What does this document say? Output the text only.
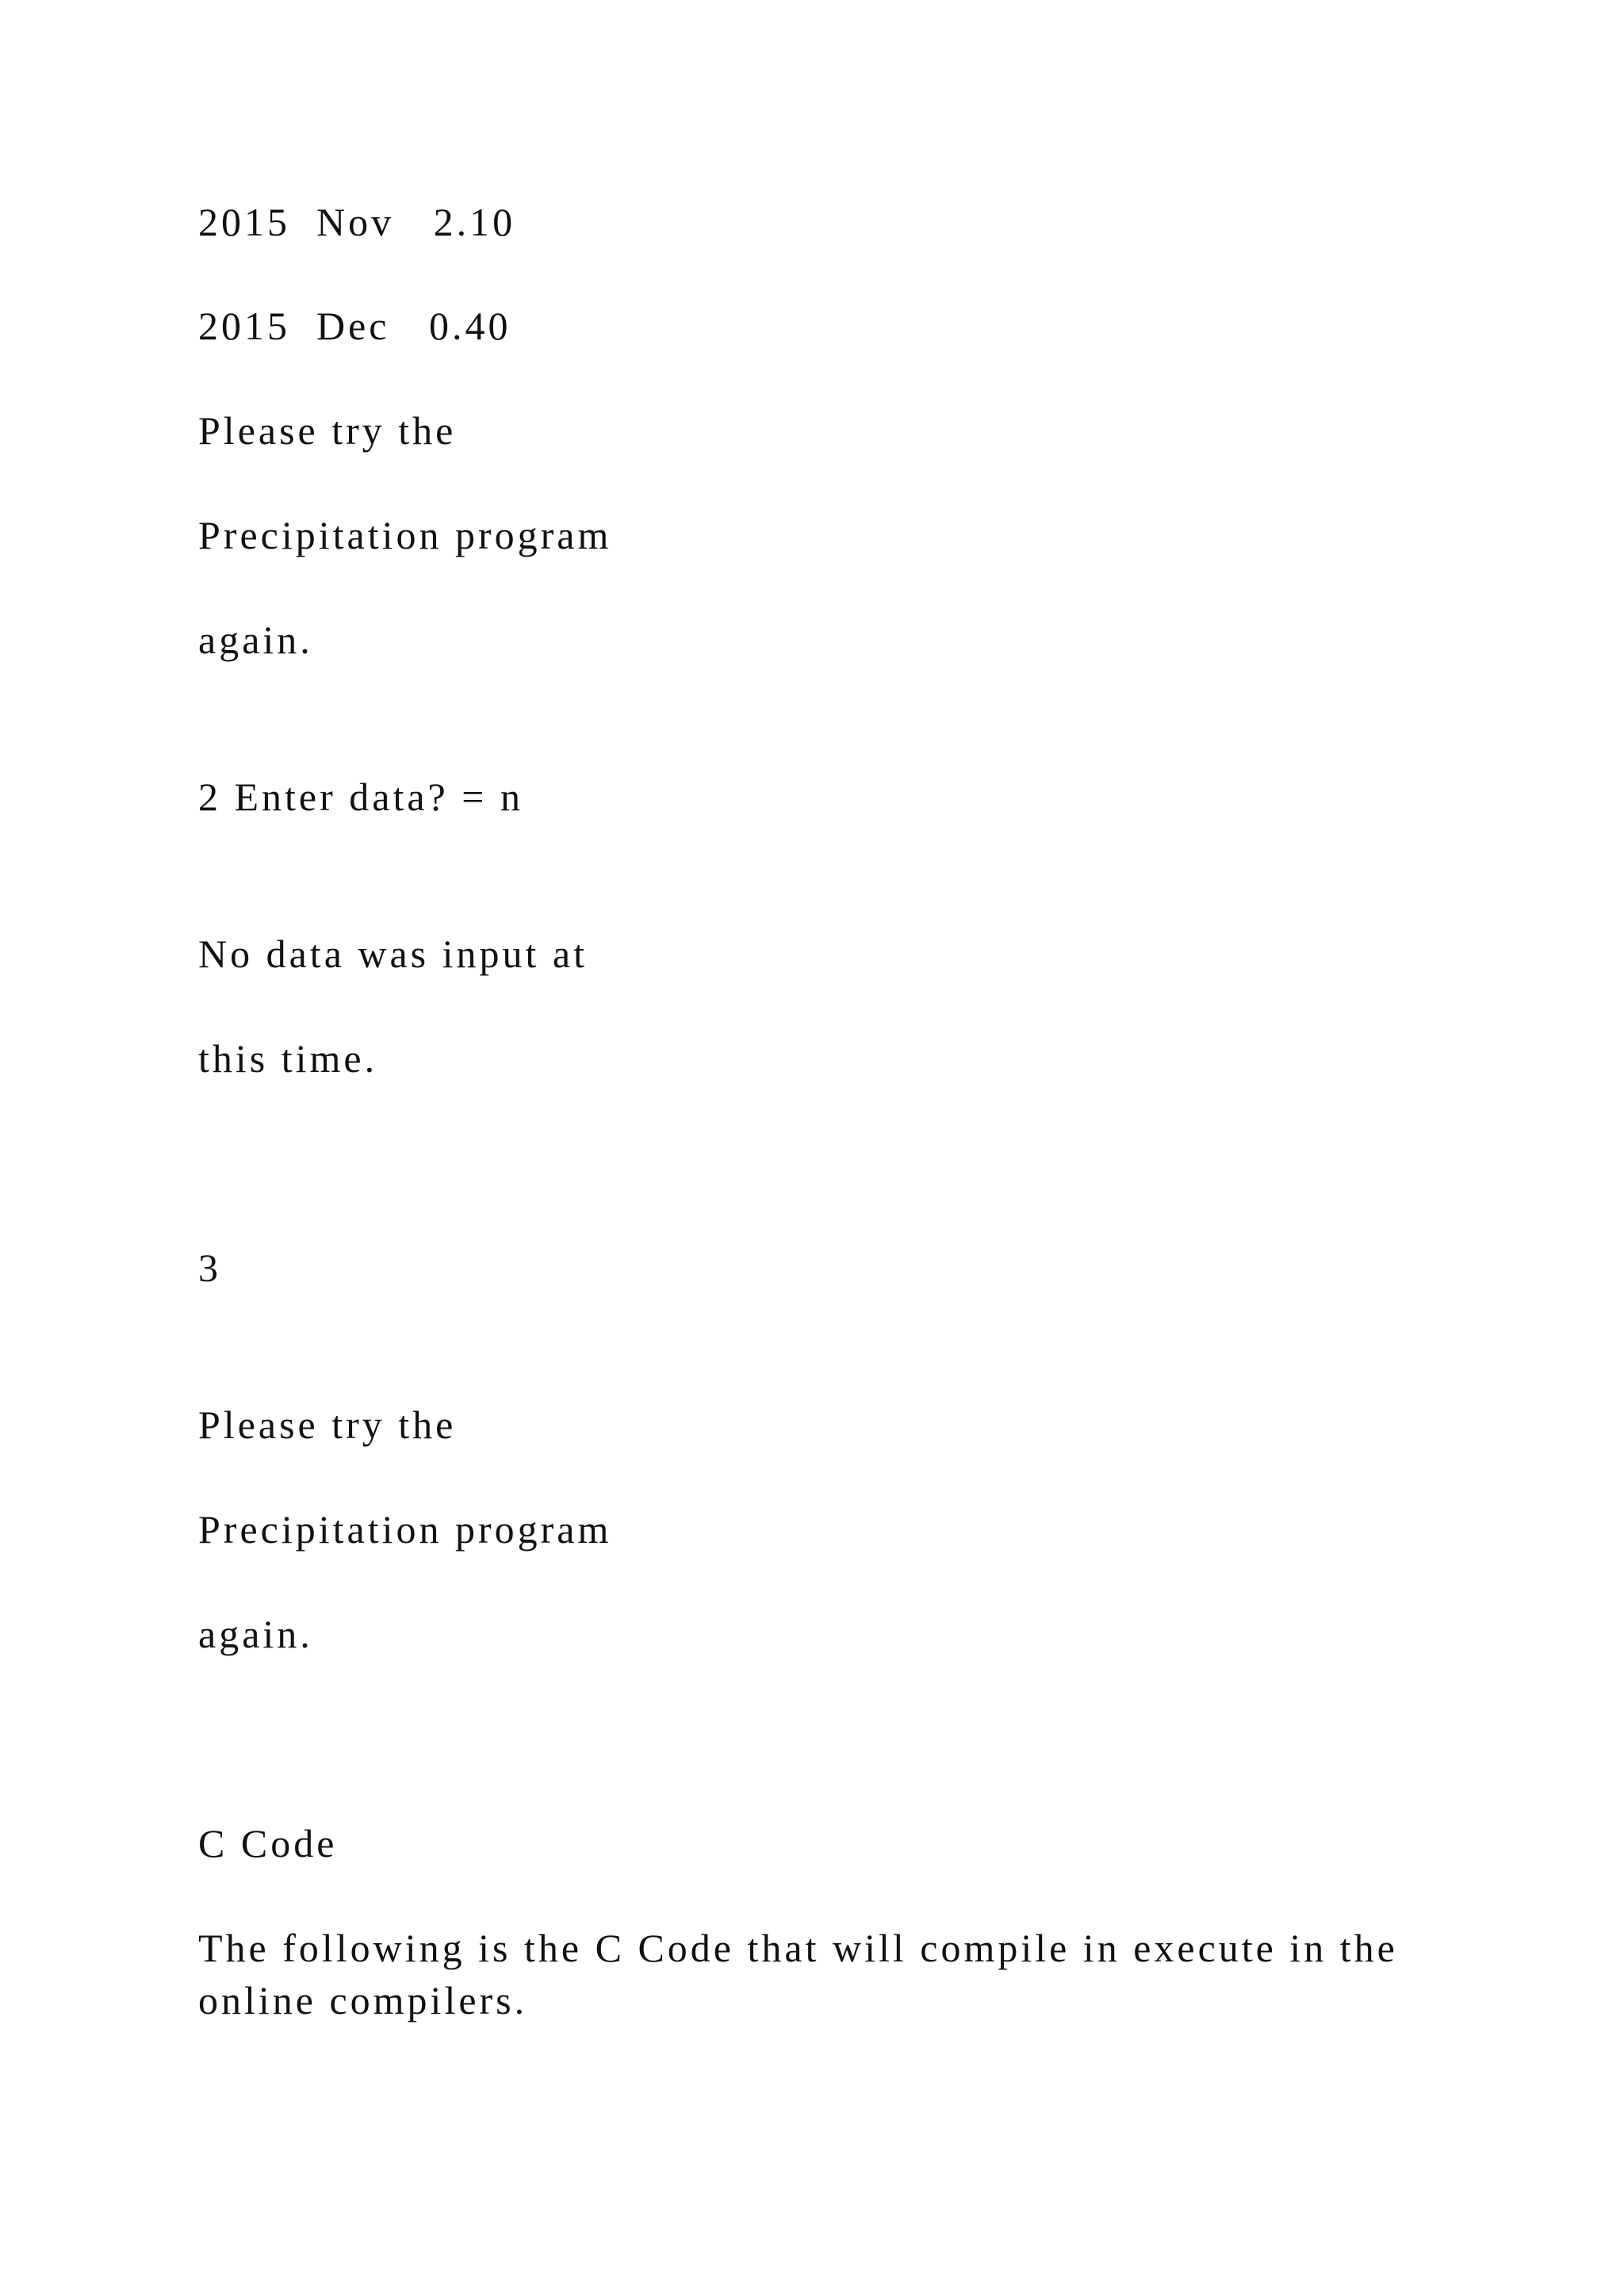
2015  Nov   2.10

2015  Dec   0.40

Please try the

Precipitation program

again.

2 Enter data? = n

No data was input at

this time.

3

Please try the

Precipitation program

again.

C Code

The following is the C Code that will compile in execute in the online compilers.
